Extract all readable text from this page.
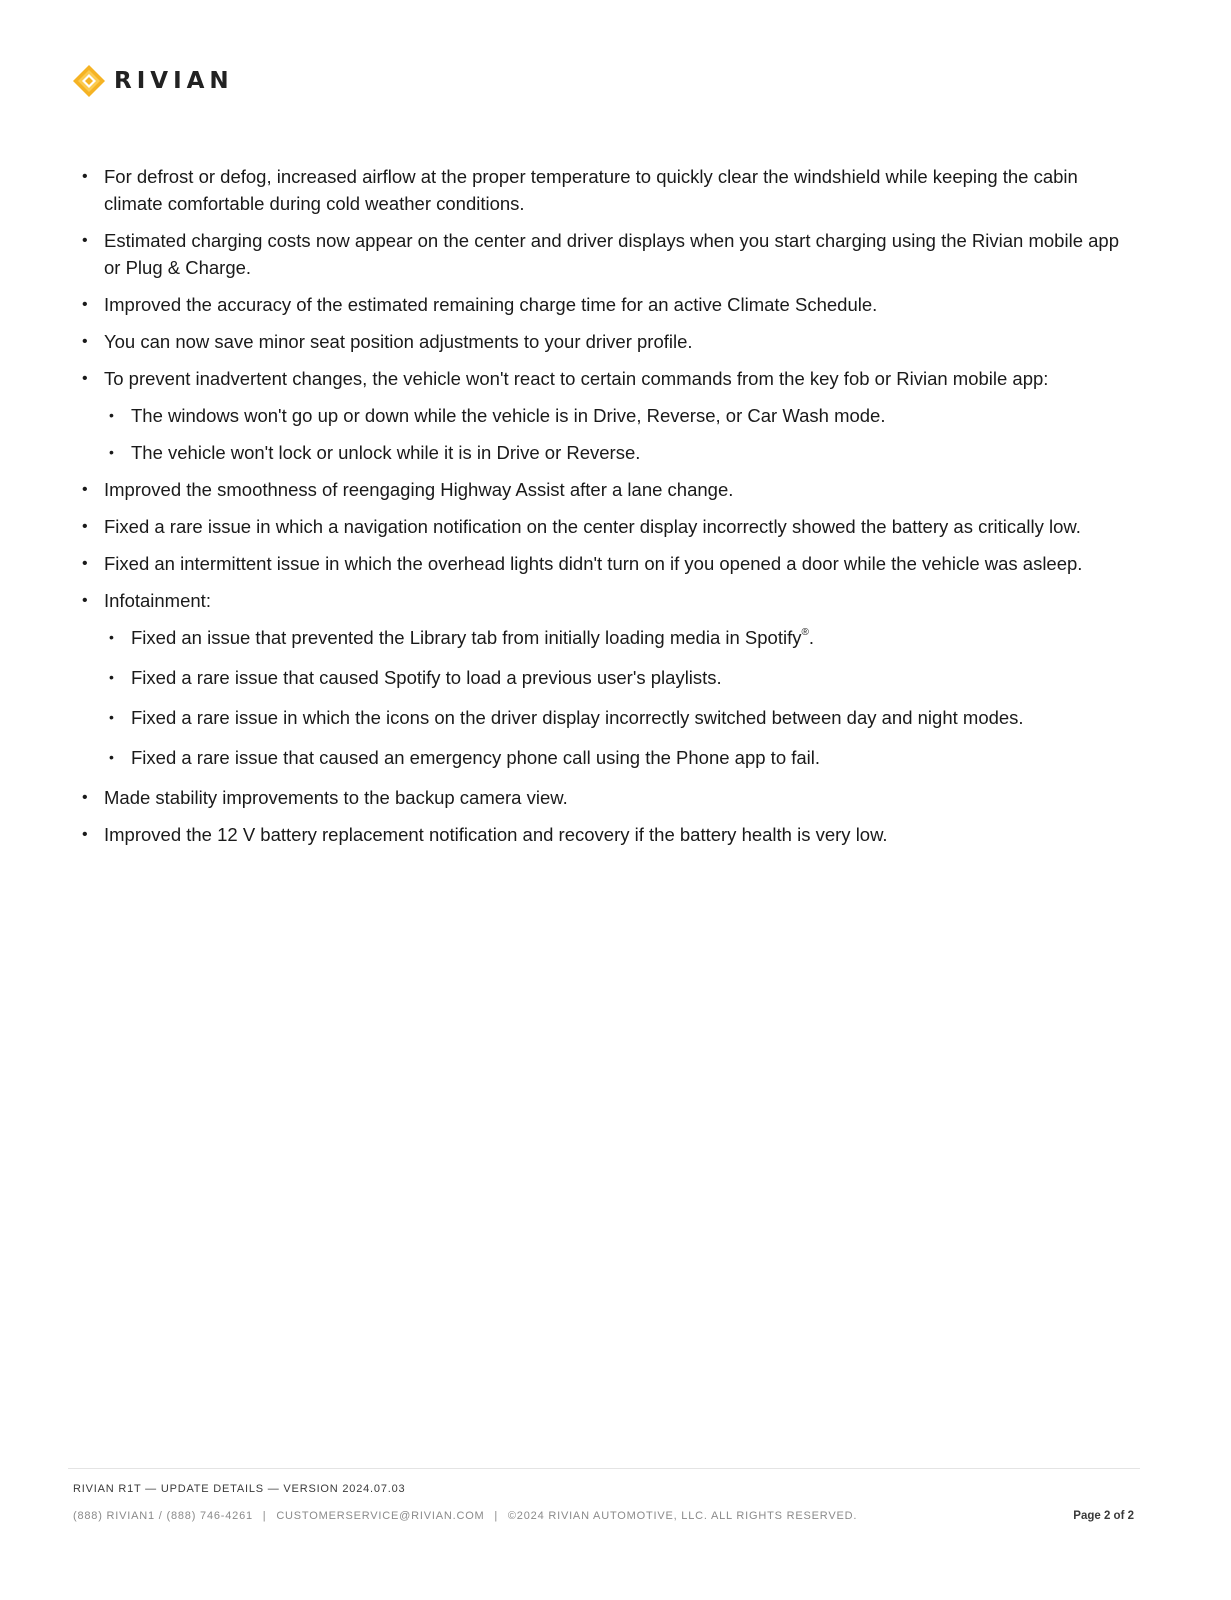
RIVIAN
• For defrost or defog, increased airflow at the proper temperature to quickly clear the windshield while keeping the cabin climate comfortable during cold weather conditions.
• Estimated charging costs now appear on the center and driver displays when you start charging using the Rivian mobile app or Plug & Charge.
• Improved the accuracy of the estimated remaining charge time for an active Climate Schedule.
• You can now save minor seat position adjustments to your driver profile.
• To prevent inadvertent changes, the vehicle won't react to certain commands from the key fob or Rivian mobile app:
• The windows won't go up or down while the vehicle is in Drive, Reverse, or Car Wash mode.
• The vehicle won't lock or unlock while it is in Drive or Reverse.
• Improved the smoothness of reengaging Highway Assist after a lane change.
• Fixed a rare issue in which a navigation notification on the center display incorrectly showed the battery as critically low.
• Fixed an intermittent issue in which the overhead lights didn't turn on if you opened a door while the vehicle was asleep.
• Infotainment:
• Fixed an issue that prevented the Library tab from initially loading media in Spotify®.
• Fixed a rare issue that caused Spotify to load a previous user's playlists.
• Fixed a rare issue in which the icons on the driver display incorrectly switched between day and night modes.
• Fixed a rare issue that caused an emergency phone call using the Phone app to fail.
• Made stability improvements to the backup camera view.
• Improved the 12 V battery replacement notification and recovery if the battery health is very low.
RIVIAN R1T — UPDATE DETAILS — VERSION 2024.07.03
(888) RIVIAN1 / (888) 746-4261 | CUSTOMERSERVICE@RIVIAN.COM | ©2024 RIVIAN AUTOMOTIVE, LLC. ALL RIGHTS RESERVED.	Page 2 of 2
